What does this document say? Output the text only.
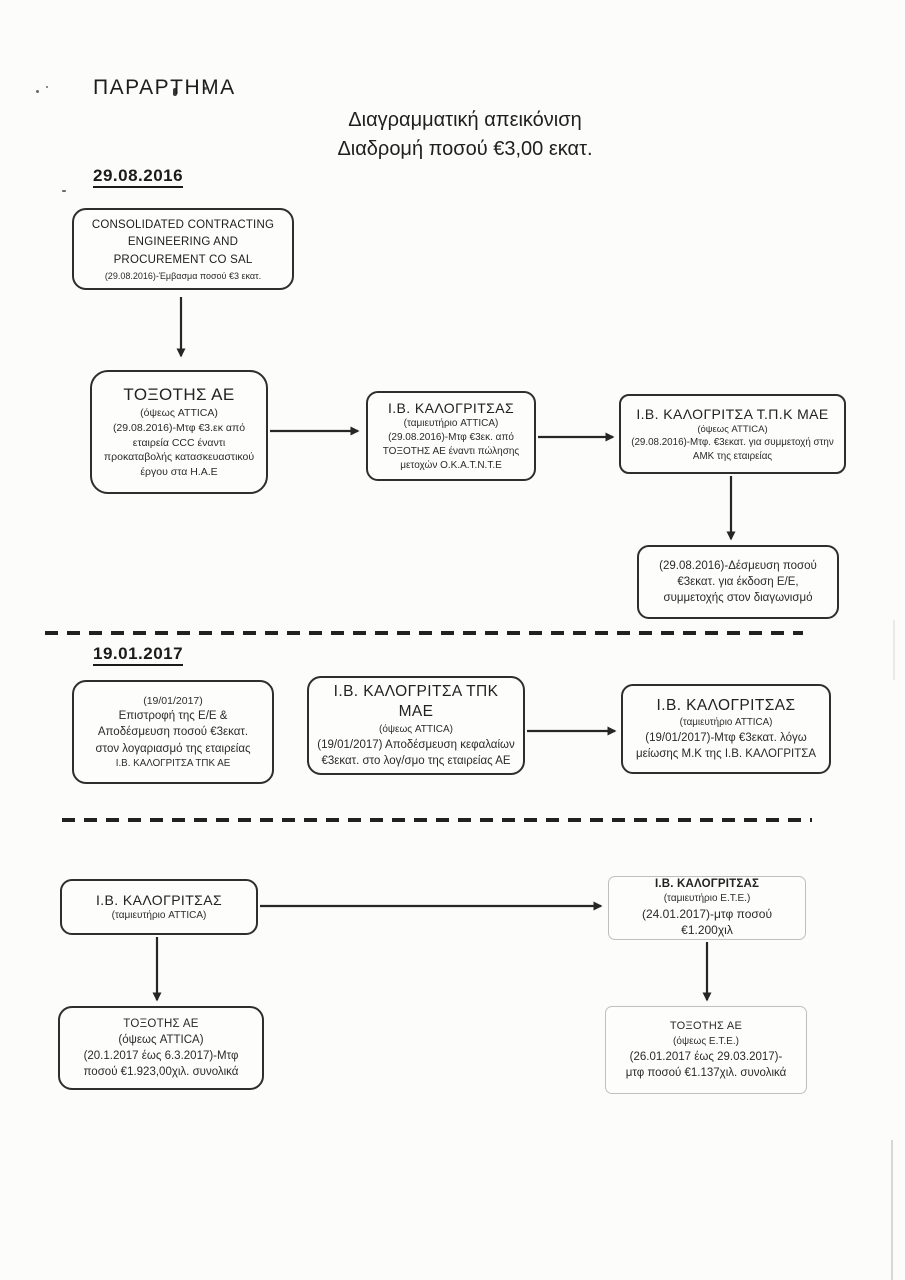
ΠΑΡΑΡΤΗΜΑ
Διαγραμματική απεικόνιση
Διαδρομή ποσού €3,00 εκατ.
29.08.2016
CONSOLIDATED CONTRACTING
ENGINEERING AND
PROCUREMENT CO SAL
(29.08.2016)-Έμβασμα ποσού €3 εκατ.
ΤΟΞΟΤΗΣ ΑΕ
(όψεως ATTICA)
(29.08.2016)-Μτφ €3.εκ από εταιρεία CCC έναντι προκαταβολής κατασκευαστικού έργου στα Η.Α.Ε
Ι.Β. ΚΑΛΟΓΡΙΤΣΑΣ
(ταμιευτήριο ATTICA)
(29.08.2016)-Μτφ €3εκ. από ΤΟΞΟΤΗΣ ΑΕ έναντι πώλησης μετοχών Ο.Κ.Α.Τ.Ν.Τ.Ε
Ι.Β. ΚΑΛΟΓΡΙΤΣΑ Τ.Π.Κ ΜΑΕ
(όψεως ATTICA)
(29.08.2016)-Μτφ. €3εκατ. για συμμετοχή στην ΑΜΚ της εταιρείας
(29.08.2016)-Δέσμευση ποσού €3εκατ. για έκδοση Ε/Ε, συμμετοχής στον διαγωνισμό
19.01.2017
(19/01/2017)
Επιστροφή της Ε/Ε &
Αποδέσμευση ποσού €3εκατ.
στον λογαριασμό της εταιρείας
Ι.Β. ΚΑΛΟΓΡΙΤΣΑ ΤΠΚ ΑΕ
Ι.Β. ΚΑΛΟΓΡΙΤΣΑ ΤΠΚ ΜΑΕ
(όψεως ATTICA)
(19/01/2017) Αποδέσμευση κεφαλαίων
€3εκατ. στο λογ/σμο της εταιρείας ΑΕ
Ι.Β. ΚΑΛΟΓΡΙΤΣΑΣ
(ταμιευτήριο ATTICA)
(19/01/2017)-Μτφ €3εκατ. λόγω
μείωσης Μ.Κ της Ι.Β. ΚΑΛΟΓΡΙΤΣΑ
Ι.Β. ΚΑΛΟΓΡΙΤΣΑΣ
(ταμιευτήριο ATTICA)
Ι.Β. ΚΑΛΟΓΡΙΤΣΑΣ
(ταμιευτήριο Ε.Τ.Ε.)
(24.01.2017)-μτφ ποσού €1.200χιλ
ΤΟΞΟΤΗΣ ΑΕ
(όψεως ATTICA)
(20.1.2017 έως 6.3.2017)-Μτφ
ποσού €1.923,00χιλ. συνολικά
ΤΟΞΟΤΗΣ ΑΕ
(όψεως Ε.Τ.Ε.)
(26.01.2017 έως 29.03.2017)-
μτφ ποσού €1.137χιλ. συνολικά
